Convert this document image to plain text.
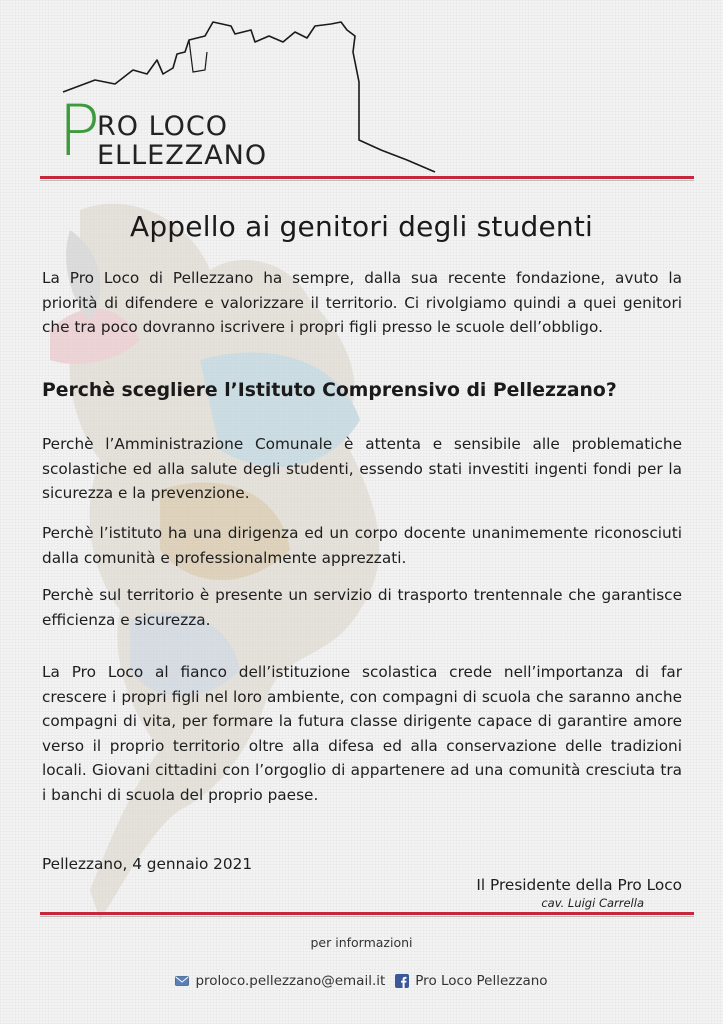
P
RO LOCO
ELLEZZANO
Appello ai genitori degli studenti

La Pro Loco di Pellezzano ha sempre, dalla sua recente fondazione, avuto la priorità di difendere e valorizzare il territorio. Ci rivolgiamo quindi a quei genitori che tra poco dovranno iscrivere i propri figli presso le scuole dell’obbligo.

Perchè scegliere l’Istituto Comprensivo di Pellezzano?

Perchè l’Amministrazione Comunale è attenta e sensibile alle problematiche scolastiche ed alla salute degli studenti, essendo stati investiti ingenti fondi per la sicurezza e la prevenzione.

Perchè l’istituto ha una dirigenza ed un corpo docente unanimemente riconosciuti dalla comunità e professionalmente apprezzati.

Perchè sul territorio è presente un servizio di trasporto trentennale che garantisce efficienza e sicurezza.

La Pro Loco al fianco dell’istituzione scolastica crede nell’importanza di far crescere i propri figli nel loro ambiente, con compagni di scuola che saranno anche compagni di vita, per formare la futura classe dirigente capace di garantire amore verso il proprio territorio oltre alla difesa ed alla conservazione delle tradizioni locali. Giovani cittadini con l’orgoglio di appartenere ad una comunità cresciuta tra i banchi di scuola del proprio paese.

Pellezzano, 4 gennaio 2021

Il Presidente della Pro Loco
cav. Luigi Carrella
per informazioni
proloco.pellezzano@email.it Pro Loco Pellezzano
